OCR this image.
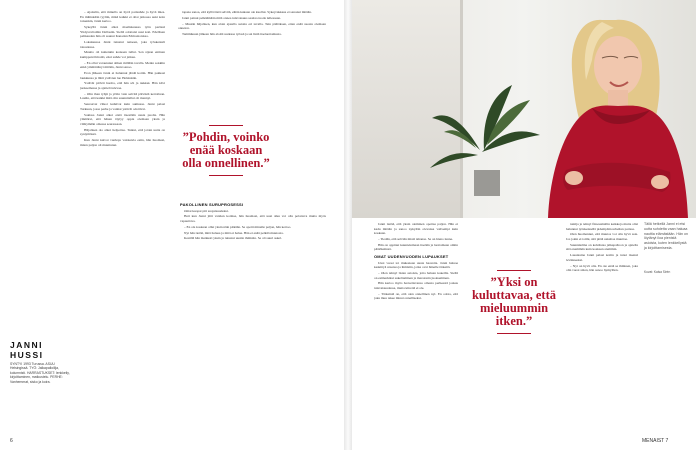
– Ajattelin, että minulla on hyvä parisuhde ja hyvä mies. En mihinkään tyyliin, mikä kaikki ei olisi jatkossa auki koin toisenkin, Janni kertoo.

Sykeyllä Janni alkoi maaliskuussa työn perässä Yhdysvaltoihin Dallasiin. Siellä odottaisi uusi koti. Edellisen pelikauden hän oli asunut Kanadan Edmontonissa.

Lokakuussa Janni tutustui naiseen, joka työskenteli taloudessa.

Muutto oli kuitenkin koskaan tullut. Sen sijaan entinen kumppani ilmoitti, ettei suhde voi jatkua.

– En ollut varautunut siihen millään tavalla. Menin sokkiin enkä ymmärtänyt mitään, Janni sanoo.

Eron jälkeen Janni ei halunnut jäädä kotiin. Hän pakkasi laukkunsa ja lähti ystävien luo Helsinkiin.

Ystävät pitivät huolta, että hän söi ja nukkui. Hän kävi juoksemassa ja ajatteli tulevaa.

– Olin ihan tyhjä ja yritin vain selvitä päivästä kerrallaan. Luulin, että kaikki mitä olin suunnitellut oli mennyt.

Seuraavat viikot kuluivat kuin sumussa. Janni palasi Turkuun, jossa perhe ja vanhat ystävät odottivat.

Sokissa Janni alkoi etsiä itsestään uusia puolia. Hän ymmärsi, että hänen täytyy oppia olemaan yksin ja viihtymään omassa seurassaan.

Hiljalleen olo alkoi helpottaa. Tuntui, että jotain uutta on syntymässä.

Kun Janni kaivoi vanhoja valokuvia esiin, hän huomasi, miten paljon oli muuttunut.

tapana sanoa, että kyllä tästä selvitä, eihän kukaan ole kuollut. Sykeyrakkaus ei sanonut mitään.

Janni painui pelkäämään mitä onnea tulevaisuus saattaa tuoda tullessaan.

– Muutin hiljalleen, kun aloin ajatella asioita eri tavalla. Tein päätöksen, etten enää suostu olemaan onneton.

Tammikuun jälkeen hän aloitti uudessa työssä ja sai lisää itseluottamusta.

”Pohdin, voinko enää koskaan olla onnellinen.”
PAKOLLINEN SURUPROSESSI

Omat kuopat piti suojaisuudeksi.

Heti kun Janni jätti vanhan kotinsa, hän huomasi, että uusi alku voi olla pelottava mutta myös vapauttava.

– En ole koskaan ollut yksin näin pitkään. Se opetti minulle paljon, hän kertoo.

Nyt hän tietää, mitä haluaa ja mitä ei halua. Hän ei enää pelkää muutosta.

Kesällä hän matkusti yksin ja tutustui uusiin ihmisiin. Se oli suuri askel.

JANNI HUSSI
SYNTYI 1993 Turussa. ASUU Helsingissä. TYÖ: Jalkapalloilija, kolumnisti. HARRASTUKSET: lenkkeily, kirjoittaminen, matkustelu. PERHE: Vanhemmat, sisko ja koira.
6
Tällä hetkellä Janni ei etsi uutta suhdetta vaan haluaa nauttia elämästään. Hän on löytänyt iloa pienistä asioista, kuten lenkkeilystä ja kirjoittamisesta.
Kuvat: Kaisa Sirén

Janni tietää, että yksin oleminen opettaa paljon. Hän ei kadu mitään ja sanoo nykyään olevansa vahvempi kuin koskaan.

– Tiedän, että selviän mistä tahansa. Se on hieno tunne.

Hän on oppinut kuuntelemaan itseään ja luottamaan omiin päätöksiinsä.

OMAT UUDENVUODEN LUPAUKSET

Uusi vuosi toi mukanaan uusia haaveita. Janni haluaa keskittyä uraansa ja ihmisiin, jotka ovat hänelle tärkeitä.

– Olen tehnyt listan asioista, joita haluan kokeilla. Siellä on esimerkiksi sukeltaminen ja maratonin juokseminen.

Hän kertoo myös haaveilevansa omasta perheestä joskus tulevaisuudessa, mutta kiirettä ei ole.

– Tärkeintä on, että olen onnellinen nyt. En odota, että joku muu tekee minut onnelliseksi.

”Yksi on kuluttavaa, että mieluummin itken.”

tuntija ja tehnyt fitnessmallin keikkoja mutta olisi halunnut työskennellä pidempään urheilun parissa.

Olen huomannut, että muutos voi olla hyvä asia. Jos jokin ei toimi, sitä pitää uskaltaa muuttaa.

Suunnitelma on kohdistaa jalkapalloon ja ajatella sitä enemmän kuin koskaan aiemmin.

Lauantaina Janni palasi kotiin ja tunsi itsensä levänneeksi.

– Nyt on hyvä olla. En ole enää se ihminen, joka olin vuosi sitten, hän sanoo hymyillen.

MENAIST 7
